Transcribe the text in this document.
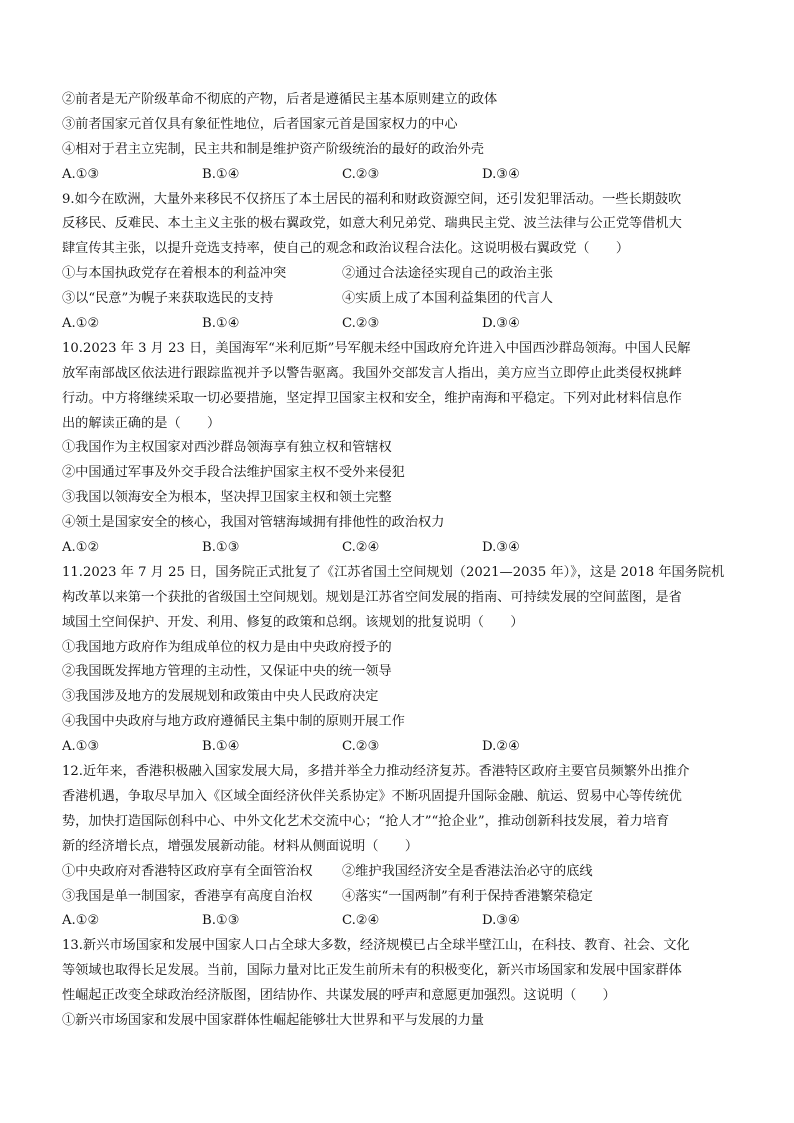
②前者是无产阶级革命不彻底的产物，后者是遵循民主基本原则建立的政体
③前者国家元首仅具有象征性地位，后者国家元首是国家权力的中心
④相对于君主立宪制，民主共和制是维护资产阶级统治的最好的政治外壳
A.①③	B.①④	C.②③	D.③④
9.如今在欧洲，大量外来移民不仅挤压了本土居民的福利和财政资源空间，还引发犯罪活动。一些长期鼓吹
反移民、反难民、本土主义主张的极右翼政党，如意大利兄弟党、瑞典民主党、波兰法律与公正党等借机大
肆宣传其主张，以提升竞选支持率，使自己的观念和政治议程合法化。这说明极右翼政党（　　）
①与本国执政党存在着根本的利益冲突	②通过合法途径实现自己的政治主张
③以“民意”为幌子来获取选民的支持	④实质上成了本国利益集团的代言人
A.①②	B.①④	C.②③	D.③④
10.2023 年 3 月 23 日，美国海军“米利厄斯”号军舰未经中国政府允许进入中国西沙群岛领海。中国人民解
放军南部战区依法进行跟踪监视并予以警告驱离。我国外交部发言人指出，美方应当立即停止此类侵权挑衅
行动。中方将继续采取一切必要措施，坚定捍卫国家主权和安全，维护南海和平稳定。下列对此材料信息作
出的解读正确的是（　　）
①我国作为主权国家对西沙群岛领海享有独立权和管辖权
②中国通过军事及外交手段合法维护国家主权不受外来侵犯
③我国以领海安全为根本，坚决捍卫国家主权和领土完整
④领土是国家安全的核心，我国对管辖海域拥有排他性的政治权力
A.①②	B.①③	C.②④	D.③④
11.2023 年 7 月 25 日，国务院正式批复了《江苏省国土空间规划（2021—2035 年）》，这是 2018 年国务院机
构改革以来第一个获批的省级国土空间规划。规划是江苏省空间发展的指南、可持续发展的空间蓝图，是省
域国土空间保护、开发、利用、修复的政策和总纲。该规划的批复说明（　　）
①我国地方政府作为组成单位的权力是由中央政府授予的
②我国既发挥地方管理的主动性，又保证中央的统一领导
③我国涉及地方的发展规划和政策由中央人民政府决定
④我国中央政府与地方政府遵循民主集中制的原则开展工作
A.①③	B.①④	C.②③	D.②④
12.近年来，香港积极融入国家发展大局，多措并举全力推动经济复苏。香港特区政府主要官员频繁外出推介
香港机遇，争取尽早加入《区域全面经济伙伴关系协定》不断巩固提升国际金融、航运、贸易中心等传统优
势，加快打造国际创科中心、中外文化艺术交流中心；“抢人才”“抢企业”，推动创新科技发展，着力培育
新的经济增长点，增强发展新动能。材料从侧面说明（　　）
①中央政府对香港特区政府享有全面管治权	②维护我国经济安全是香港法治必守的底线
③我国是单一制国家，香港享有高度自治权	④落实“一国两制”有利于保持香港繁荣稳定
A.①②	B.①③	C.②④	D.③④
13.新兴市场国家和发展中国家人口占全球大多数，经济规模已占全球半壁江山，在科技、教育、社会、文化
等领域也取得长足发展。当前，国际力量对比正发生前所未有的积极变化，新兴市场国家和发展中国家群体
性崛起正改变全球政治经济版图，团结协作、共谋发展的呼声和意愿更加强烈。这说明（　　）
①新兴市场国家和发展中国家群体性崛起能够壮大世界和平与发展的力量
